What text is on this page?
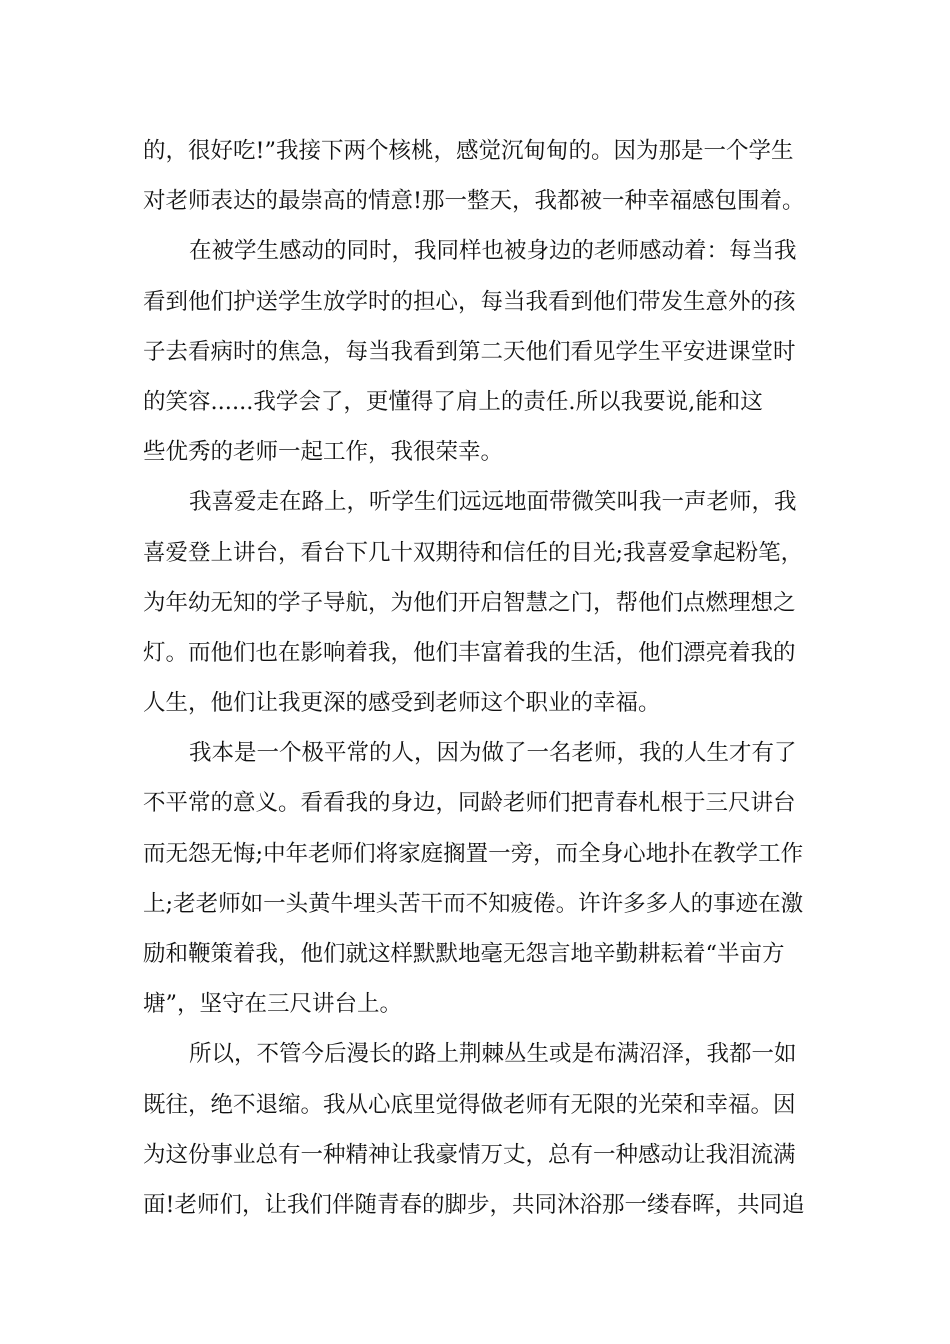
的，很好吃!”我接下两个核桃，感觉沉甸甸的。因为那是一个学生
对老师表达的最崇高的情意!那一整天，我都被一种幸福感包围着。

在被学生感动的同时，我同样也被身边的老师感动着：每当我
看到他们护送学生放学时的担心，每当我看到他们带发生意外的孩
子去看病时的焦急，每当我看到第二天他们看见学生平安进课堂时
的笑容......我学会了，更懂得了肩上的责任.所以我要说,能和这
些优秀的老师一起工作，我很荣幸。

我喜爱走在路上，听学生们远远地面带微笑叫我一声老师，我
喜爱登上讲台，看台下几十双期待和信任的目光;我喜爱拿起粉笔，
为年幼无知的学子导航，为他们开启智慧之门，帮他们点燃理想之
灯。而他们也在影响着我，他们丰富着我的生活，他们漂亮着我的
人生，他们让我更深的感受到老师这个职业的幸福。

我本是一个极平常的人，因为做了一名老师，我的人生才有了
不平常的意义。看看我的身边，同龄老师们把青春札根于三尺讲台
而无怨无悔;中年老师们将家庭搁置一旁，而全身心地扑在教学工作
上;老老师如一头黄牛埋头苦干而不知疲倦。许许多多人的事迹在激
励和鞭策着我，他们就这样默默地毫无怨言地辛勤耕耘着“半亩方
塘”，坚守在三尺讲台上。

所以，不管今后漫长的路上荆棘丛生或是布满沼泽，我都一如
既往，绝不退缩。我从心底里觉得做老师有无限的光荣和幸福。因
为这份事业总有一种精神让我豪情万丈，总有一种感动让我泪流满
面!老师们，让我们伴随青春的脚步，共同沐浴那一缕春晖，共同追
